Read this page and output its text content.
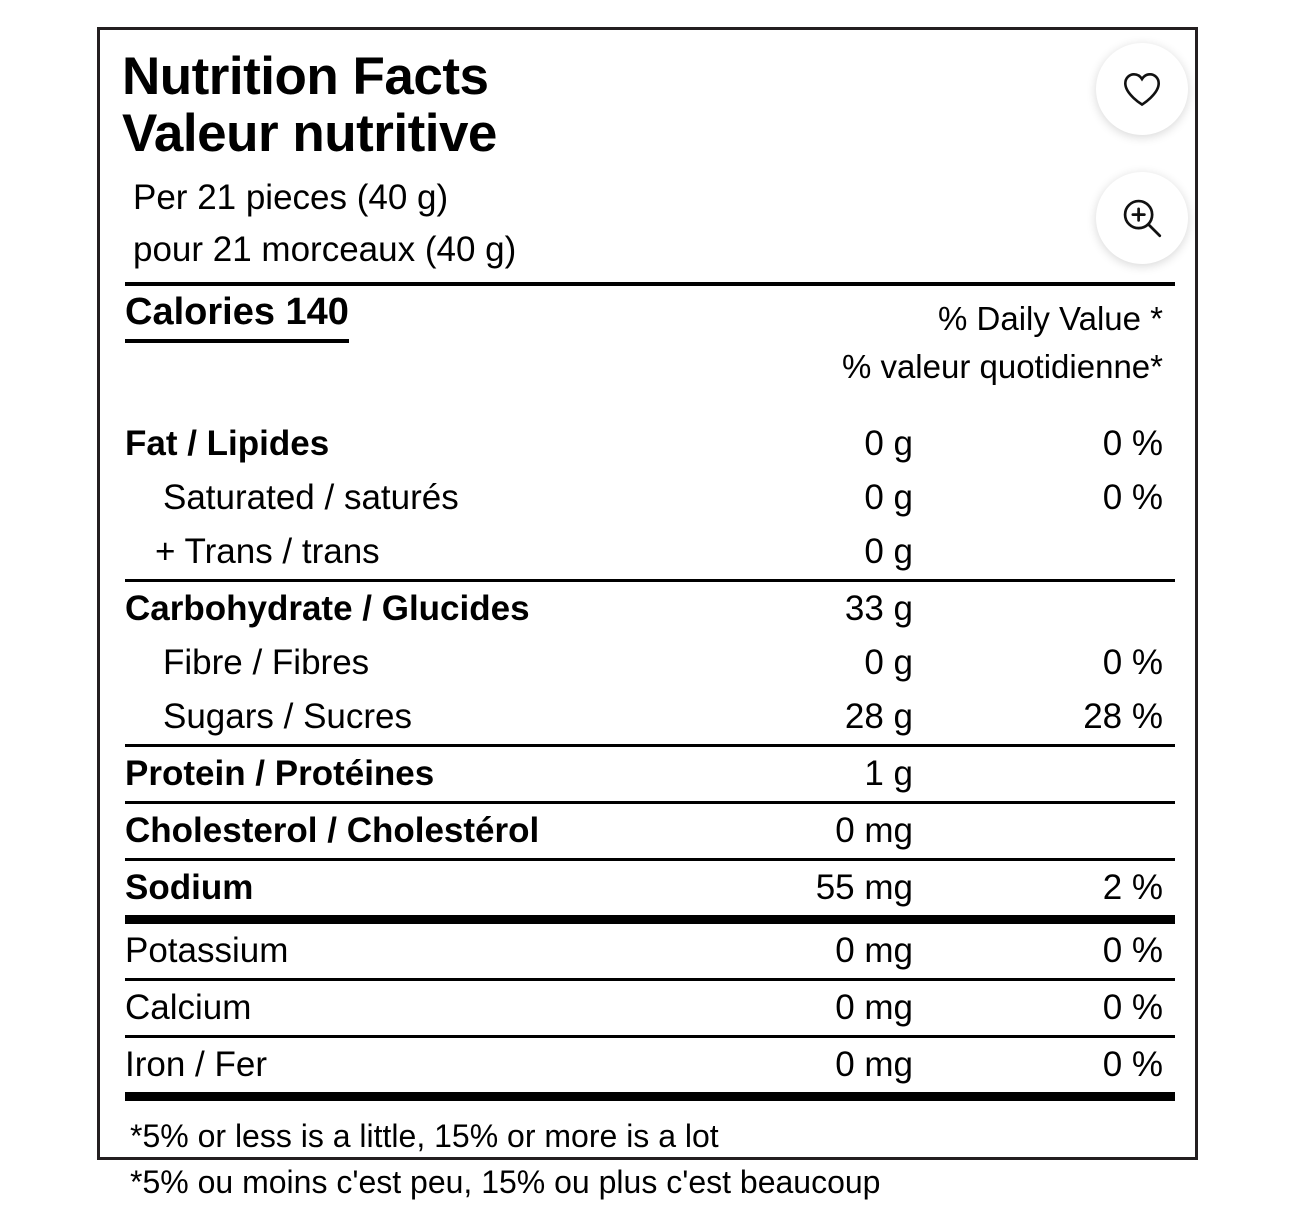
Nutrition Facts
Valeur nutritive
Per 21 pieces (40 g)
pour 21 morceaux (40 g)

Calories 140	% Daily Value *	
	% valeur quotidienne*	

Fat / Lipides	0 g	0 %
Saturated / saturés	0 g	0 %
+ Trans / trans	0 g	
Carbohydrate / Glucides	33 g	
Fibre / Fibres	0 g	0 %
Sugars / Sucres	28 g	28 %
Protein / Protéines	1 g	
Cholesterol / Cholestérol	0 mg	
Sodium	55 mg	2 %
Potassium	0 mg	0 %
Calcium	0 mg	0 %
Iron / Fer	0 mg	0 %
*5% or less is a little, 15% or more is a lot
*5% ou moins c'est peu, 15% ou plus c'est beaucoup
